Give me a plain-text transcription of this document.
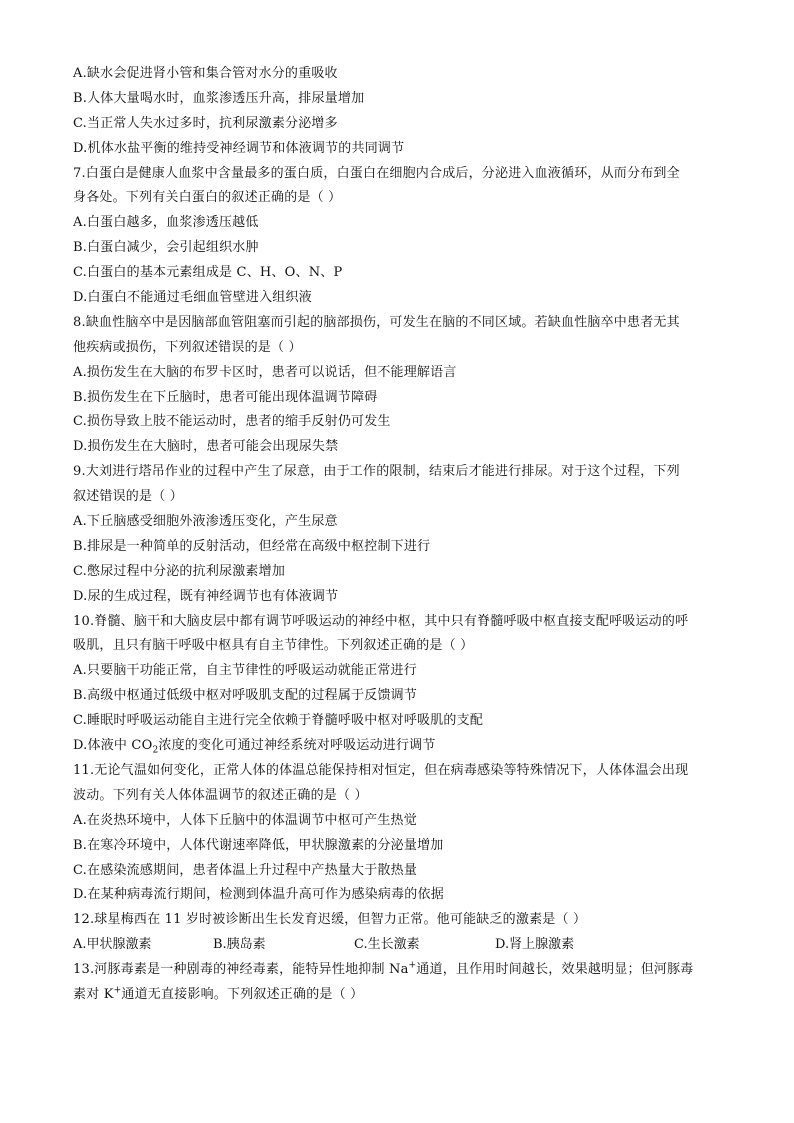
A.缺水会促进肾小管和集合管对水分的重吸收
B.人体大量喝水时，血浆渗透压升高，排尿量增加
C.当正常人失水过多时，抗利尿激素分泌增多
D.机体水盐平衡的维持受神经调节和体液调节的共同调节
7.白蛋白是健康人血浆中含量最多的蛋白质，白蛋白在细胞内合成后，分泌进入血液循环，从而分布到全
身各处。下列有关白蛋白的叙述正确的是（ ）
A.白蛋白越多，血浆渗透压越低
B.白蛋白减少，会引起组织水肿
C.白蛋白的基本元素组成是 C、H、O、N、P
D.白蛋白不能通过毛细血管壁进入组织液
8.缺血性脑卒中是因脑部血管阻塞而引起的脑部损伤，可发生在脑的不同区域。若缺血性脑卒中患者无其
他疾病或损伤，下列叙述错误的是（ ）
A.损伤发生在大脑的布罗卡区时，患者可以说话，但不能理解语言
B.损伤发生在下丘脑时，患者可能出现体温调节障碍
C.损伤导致上肢不能运动时，患者的缩手反射仍可发生
D.损伤发生在大脑时，患者可能会出现尿失禁
9.大刘进行塔吊作业的过程中产生了尿意，由于工作的限制，结束后才能进行排尿。对于这个过程，下列
叙述错误的是（ ）
A.下丘脑感受细胞外液渗透压变化，产生尿意
B.排尿是一种简单的反射活动，但经常在高级中枢控制下进行
C.憋尿过程中分泌的抗利尿激素增加
D.尿的生成过程，既有神经调节也有体液调节
10.脊髓、脑干和大脑皮层中都有调节呼吸运动的神经中枢，其中只有脊髓呼吸中枢直接支配呼吸运动的呼
吸肌，且只有脑干呼吸中枢具有自主节律性。下列叙述正确的是（ ）
A.只要脑干功能正常，自主节律性的呼吸运动就能正常进行
B.高级中枢通过低级中枢对呼吸肌支配的过程属于反馈调节
C.睡眠时呼吸运动能自主进行完全依赖于脊髓呼吸中枢对呼吸肌的支配
D.体液中 $CO_2$浓度的变化可通过神经系统对呼吸运动进行调节
11.无论气温如何变化，正常人体的体温总能保持相对恒定，但在病毒感染等特殊情况下，人体体温会出现
波动。下列有关人体体温调节的叙述正确的是（ ）
A.在炎热环境中，人体下丘脑中的体温调节中枢可产生热觉
B.在寒冷环境中，人体代谢速率降低，甲状腺激素的分泌量增加
C.在感染流感期间，患者体温上升过程中产热量大于散热量
D.在某种病毒流行期间，检测到体温升高可作为感染病毒的依据
12.球星梅西在 11 岁时被诊断出生长发育迟缓，但智力正常。他可能缺乏的激素是（ ）
A.甲状腺激素	B.胰岛素	C.生长激素	D.肾上腺激素
13.河豚毒素是一种剧毒的神经毒素，能特异性地抑制 Na+通道，且作用时间越长，效果越明显；但河豚毒
素对 K+通道无直接影响。下列叙述正确的是（ ）
